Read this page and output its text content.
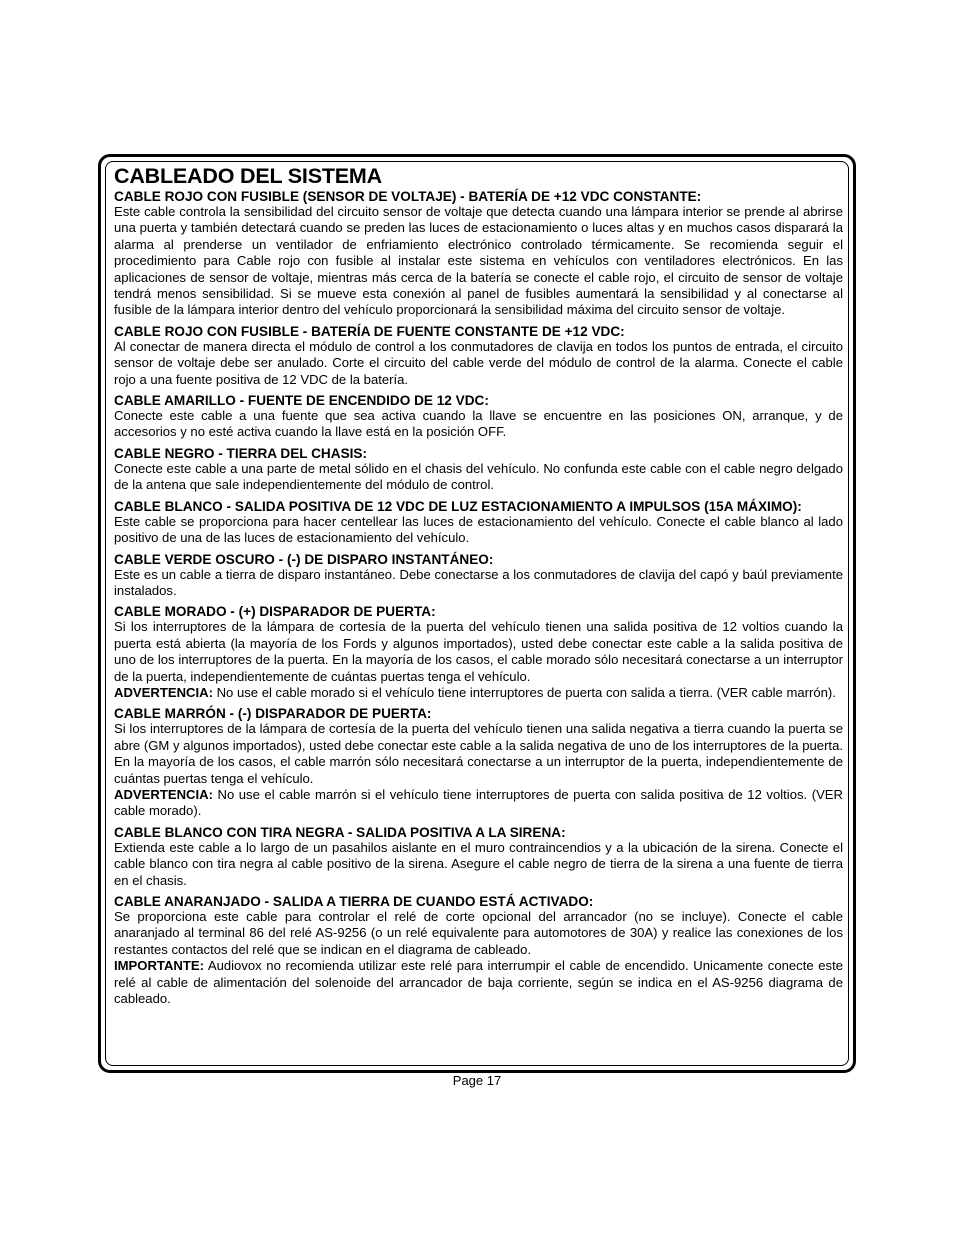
CABLEADO DEL SISTEMA
CABLE ROJO CON FUSIBLE (SENSOR DE VOLTAJE) - BATERÍA DE +12 VDC CONSTANTE:

Este cable controla la sensibilidad del circuito sensor de voltaje que detecta cuando una lámpara interior se prende al abrirse una puerta y también detectará cuando se preden las luces de estacionamiento o luces altas y en muchos casos disparará la alarma al prenderse un ventilador de enfriamiento electrónico controlado térmicamente. Se recomienda seguir el procedimiento para Cable rojo con fusible al instalar este sistema en vehículos con ventiladores electrónicos. En las aplicaciones de sensor de voltaje, mientras más cerca de la batería se conecte el cable rojo, el circuito de sensor de voltaje tendrá menos sensibilidad. Si se mueve esta conexión al panel de fusibles aumentará la sensibilidad y al conectarse al fusible de la lámpara interior dentro del vehículo proporcionará la sensibilidad máxima del circuito sensor de voltaje.

CABLE ROJO CON FUSIBLE - BATERÍA DE FUENTE CONSTANTE DE +12 VDC:

Al conectar de manera directa el módulo de control a los conmutadores de clavija en todos los puntos de entrada, el circuito sensor de voltaje debe ser anulado. Corte el circuito del cable verde del módulo de control de la alarma. Conecte el cable rojo a una fuente positiva de 12 VDC de la batería.

CABLE AMARILLO - FUENTE DE ENCENDIDO DE 12 VDC:

Conecte este cable a una fuente que sea activa cuando la llave se encuentre en las posiciones ON, arranque, y de accesorios y no esté activa cuando la llave está en la posición OFF.

CABLE NEGRO - TIERRA DEL CHASIS:

Conecte este cable a una parte de metal sólido en el chasis del vehículo. No confunda este cable con el cable negro delgado de la antena que sale independientemente del módulo de control.

CABLE BLANCO - SALIDA POSITIVA DE 12 VDC DE LUZ ESTACIONAMIENTO A IMPULSOS (15A MÁXIMO):

Este cable se proporciona para hacer centellear las luces de estacionamiento del vehículo. Conecte el cable blanco al lado positivo de una de las luces de estacionamiento del vehículo.

CABLE VERDE OSCURO - (-) DE DISPARO INSTANTÁNEO:

Este es un cable a tierra de disparo instantáneo. Debe conectarse a los conmutadores de clavija del capó y baúl previamente instalados.

CABLE MORADO - (+) DISPARADOR DE PUERTA:

Si los interruptores de la lámpara de cortesía de la puerta del vehículo tienen una salida positiva de 12 voltios cuando la puerta está abierta (la mayoría de los Fords y algunos importados), usted debe conectar este cable a la salida positiva de uno de los interruptores de la puerta. En la mayoría de los casos, el cable morado sólo necesitará conectarse a un interruptor de la puerta, independientemente de cuántas puertas tenga el vehículo.

ADVERTENCIA: No use el cable morado si el vehículo tiene interruptores de puerta con salida a tierra. (VER cable marrón).

CABLE MARRÓN - (-) DISPARADOR DE PUERTA:

Si los interruptores de la lámpara de cortesía de la puerta del vehículo tienen una salida negativa a tierra cuando la puerta se abre (GM y algunos importados), usted debe conectar este cable a la salida negativa de uno de los interruptores de la puerta. En la mayoría de los casos, el cable marrón sólo necesitará conectarse a un interruptor de la puerta, independientemente de cuántas puertas tenga el vehículo.

ADVERTENCIA: No use el cable marrón si el vehículo tiene interruptores de puerta con salida positiva de 12 voltios. (VER cable morado).

CABLE BLANCO CON TIRA NEGRA - SALIDA POSITIVA A LA SIRENA:

Extienda este cable a lo largo de un pasahilos aislante en el muro contraincendios y a la ubicación de la sirena. Conecte el cable blanco con tira negra al cable positivo de la sirena. Asegure el cable negro de tierra de la sirena a una fuente de tierra en el chasis.

CABLE ANARANJADO - SALIDA A TIERRA DE CUANDO ESTÁ ACTIVADO:

Se proporciona este cable para controlar el relé de corte opcional del arrancador (no se incluye). Conecte el cable anaranjado al terminal 86 del relé AS-9256 (o un relé equivalente para automotores de 30A) y realice las conexiones de los restantes contactos del relé que se indican en el diagrama de cableado.

IMPORTANTE: Audiovox no recomienda utilizar este relé para interrumpir el cable de encendido. Unicamente conecte este relé al cable de alimentación del solenoide del arrancador de baja corriente, según se indica en el AS-9256 diagrama de cableado.

Page 17
